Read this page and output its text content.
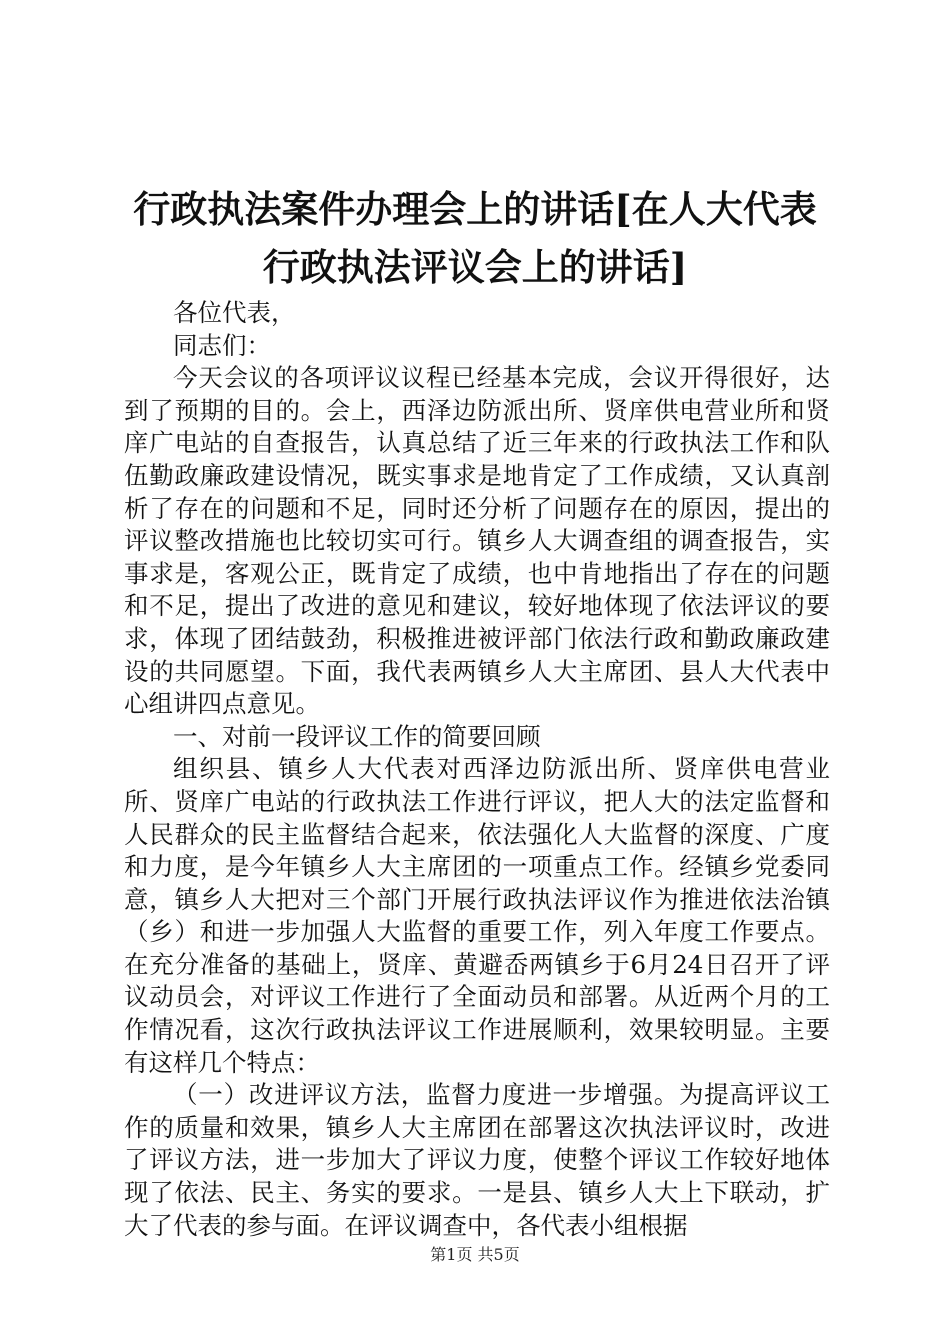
行政执法案件办理会上的讲话[在人大代表行政执法评议会上的讲话]

各位代表，

同志们：

今天会议的各项评议议程已经基本完成，会议开得很好，达到了预期的目的。会上，西泽边防派出所、贤庠供电营业所和贤庠广电站的自查报告，认真总结了近三年来的行政执法工作和队伍勤政廉政建设情况，既实事求是地肯定了工作成绩，又认真剖析了存在的问题和不足，同时还分析了问题存在的原因，提出的评议整改措施也比较切实可行。镇乡人大调查组的调查报告，实事求是，客观公正，既肯定了成绩，也中肯地指出了存在的问题和不足，提出了改进的意见和建议，较好地体现了依法评议的要求，体现了团结鼓劲，积极推进被评部门依法行政和勤政廉政建设的共同愿望。下面，我代表两镇乡人大主席团、县人大代表中心组讲四点意见。

一、对前一段评议工作的简要回顾

组织县、镇乡人大代表对西泽边防派出所、贤庠供电营业所、贤庠广电站的行政执法工作进行评议，把人大的法定监督和人民群众的民主监督结合起来，依法强化人大监督的深度、广度和力度，是今年镇乡人大主席团的一项重点工作。经镇乡党委同意，镇乡人大把对三个部门开展行政执法评议作为推进依法治镇（乡）和进一步加强人大监督的重要工作，列入年度工作要点。在充分准备的基础上，贤庠、黄避岙两镇乡于6月24日召开了评议动员会，对评议工作进行了全面动员和部署。从近两个月的工作情况看，这次行政执法评议工作进展顺利，效果较明显。主要有这样几个特点：

（一）改进评议方法，监督力度进一步增强。为提高评议工作的质量和效果，镇乡人大主席团在部署这次执法评议时，改进了评议方法，进一步加大了评议力度，使整个评议工作较好地体现了依法、民主、务实的要求。一是县、镇乡人大上下联动，扩大了代表的参与面。在评议调查中，各代表小组根据

第1页 共5页
